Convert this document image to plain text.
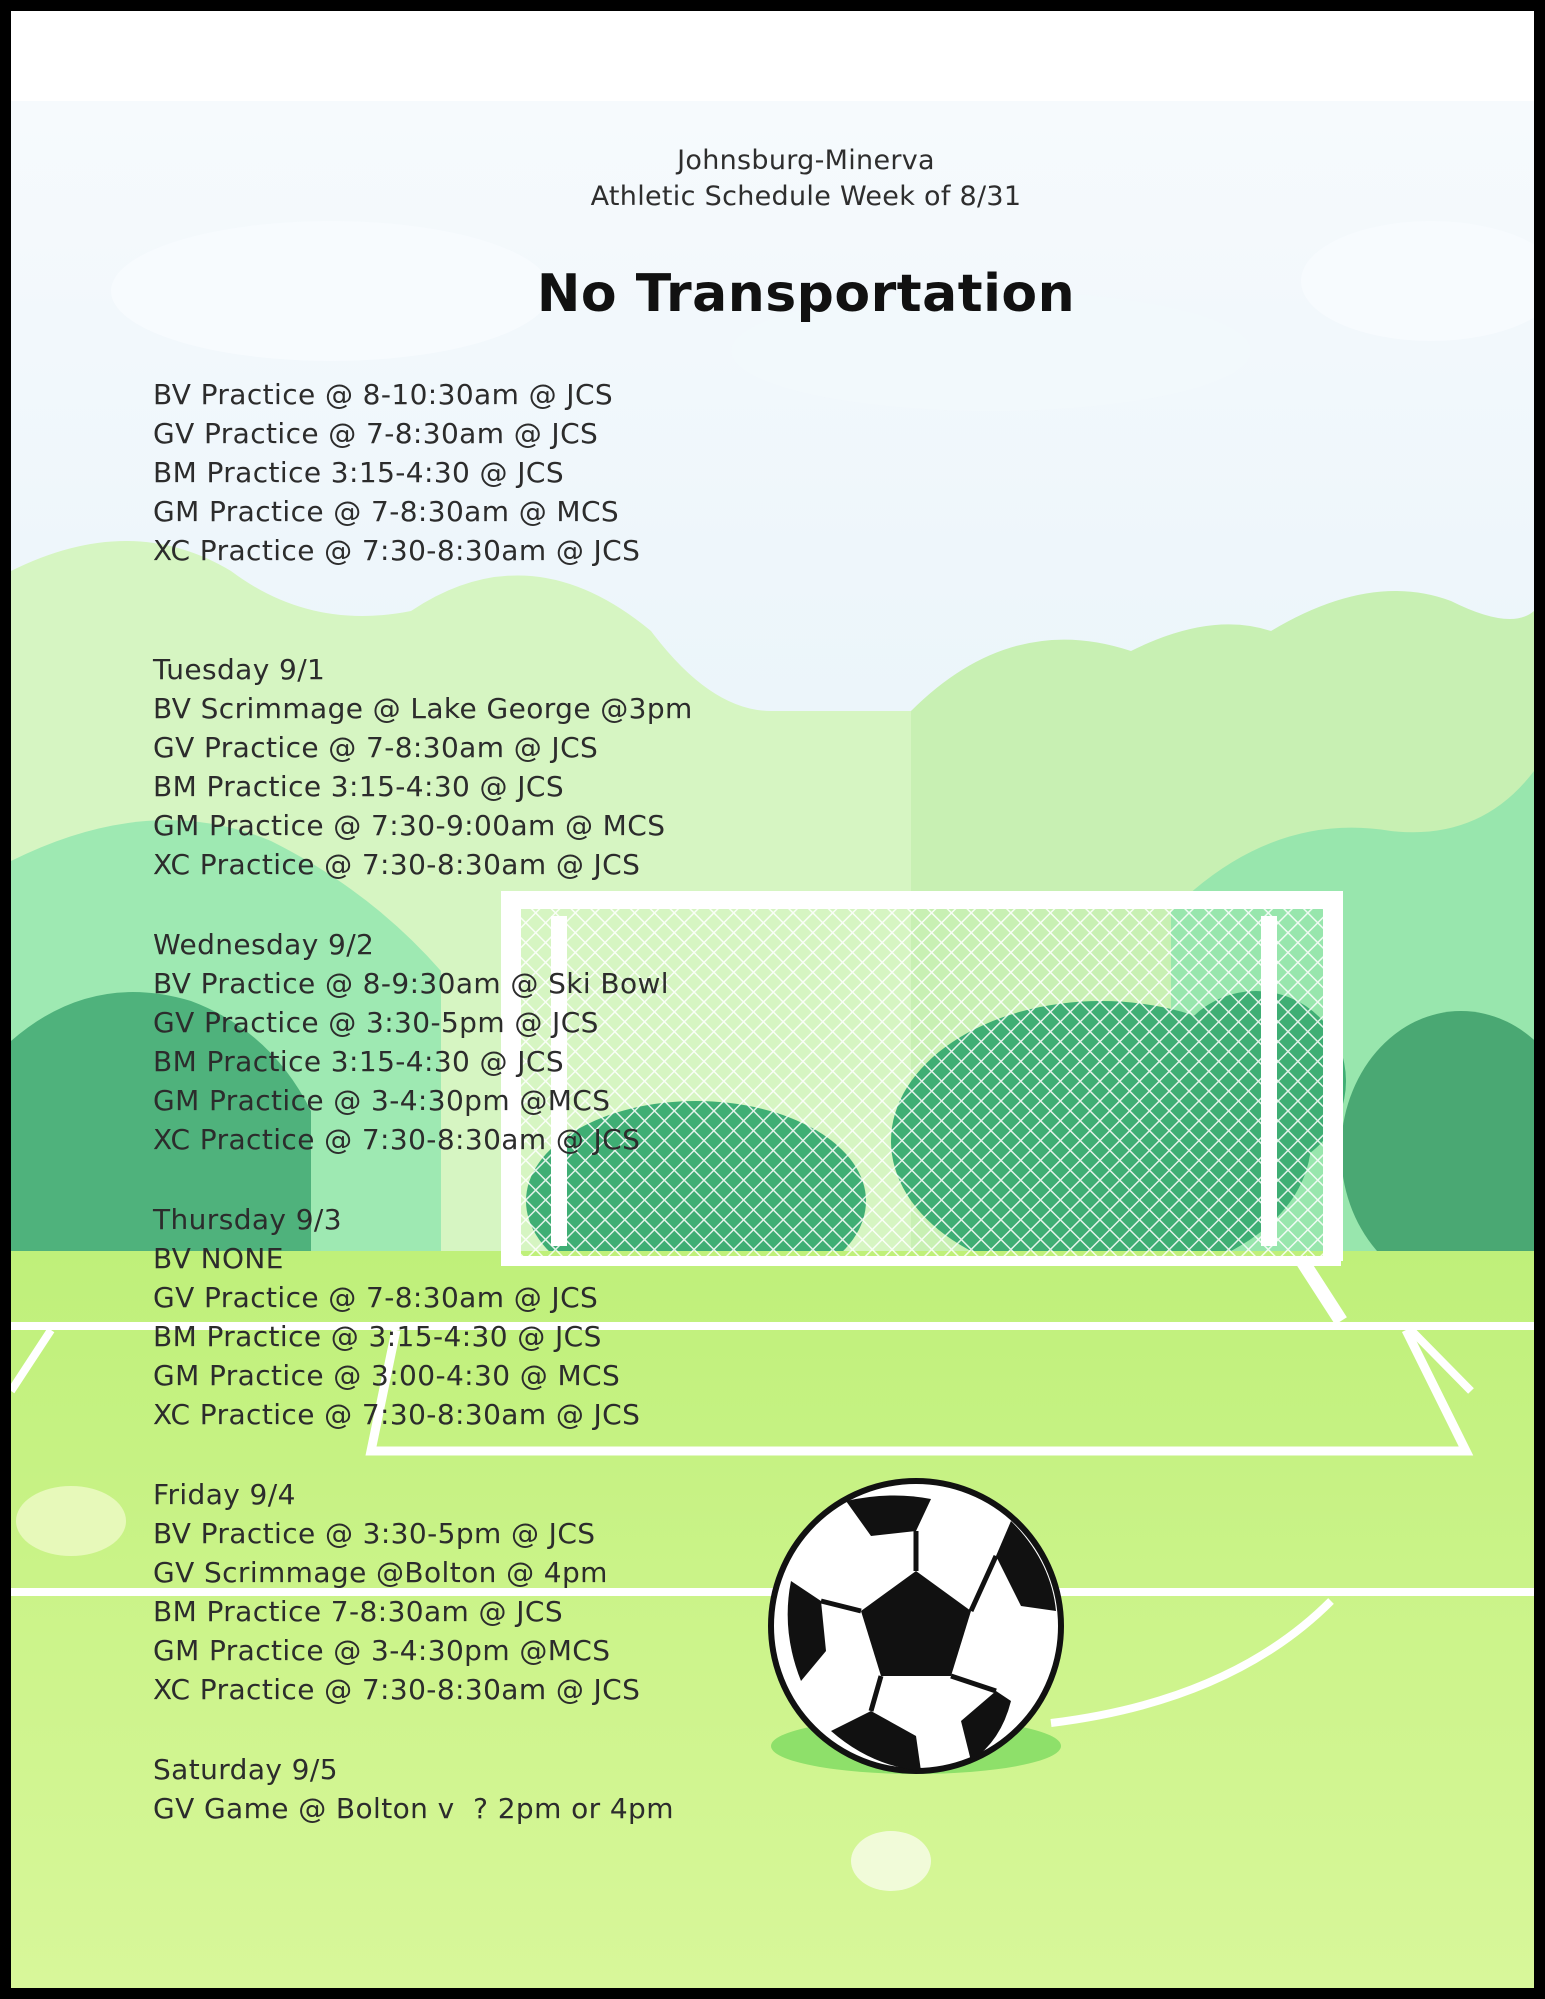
Johnsburg-Minerva
Athletic Schedule Week of 8/31
No Transportation
BV Practice @ 8-10:30am @ JCS
GV Practice @ 7-8:30am @ JCS
BM Practice 3:15-4:30 @ JCS
GM Practice @ 7-8:30am @ MCS
XC Practice @ 7:30-8:30am @ JCS
Tuesday 9/1
BV Scrimmage @ Lake George @3pm
GV Practice @ 7-8:30am @ JCS
BM Practice 3:15-4:30 @ JCS
GM Practice @ 7:30-9:00am @ MCS
XC Practice @ 7:30-8:30am @ JCS
Wednesday 9/2
BV Practice @ 8-9:30am @ Ski Bowl
GV Practice @ 3:30-5pm @ JCS
BM Practice 3:15-4:30 @ JCS
GM Practice @ 3-4:30pm @MCS
XC Practice @ 7:30-8:30am @ JCS
Thursday 9/3
BV NONE
GV Practice @ 7-8:30am @ JCS
BM Practice @ 3:15-4:30 @ JCS
GM Practice @ 3:00-4:30 @ MCS
XC Practice @ 7:30-8:30am @ JCS
Friday 9/4
BV Practice @ 3:30-5pm @ JCS
GV Scrimmage @Bolton @ 4pm
BM Practice 7-8:30am @ JCS
GM Practice @ 3-4:30pm @MCS
XC Practice @ 7:30-8:30am @ JCS
Saturday 9/5
GV Game @ Bolton v  ? 2pm or 4pm
